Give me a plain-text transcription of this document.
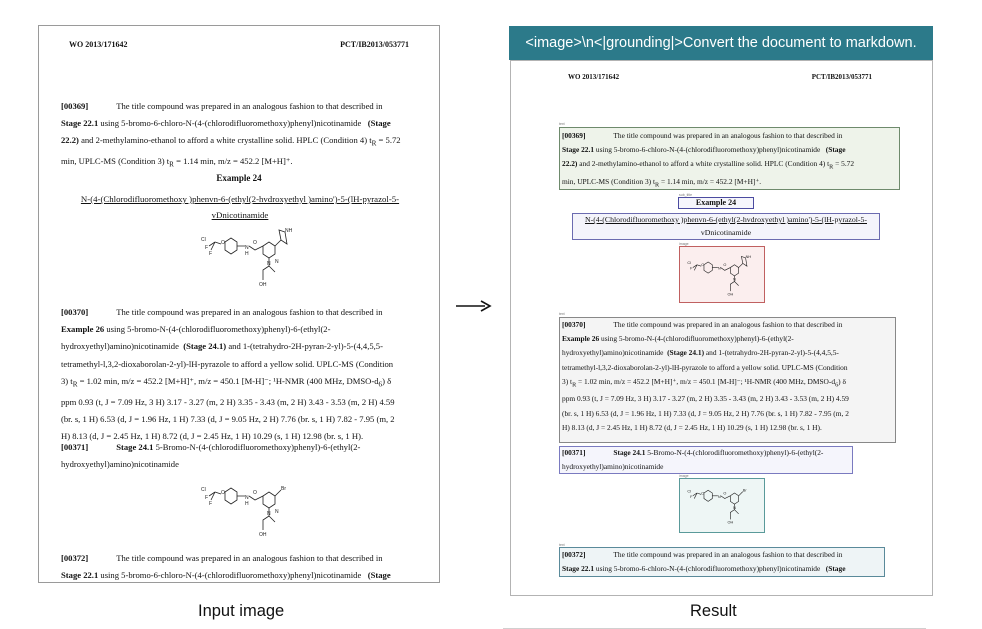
WO 2013/171642	PCT/IB2013/053771
[00369]	The title compound was prepared in an analogous fashion to that described in
Stage 22.1 using 5-bromo-6-chloro-N-(4-(chlorodifluoromethoxy)phenyl)nicotinamide (Stage
22.2) and 2-methylamino-ethanol to afford a white crystalline solid. HPLC (Condition 4) $t_R = 5.72$
min, UPLC-MS (Condition 3) $t_R = 1.14$ min, m/z = 452.2 [M+H]⁺.
Example 24
N-(4-(Chlorodifluoromethoxy )phenvn-6-(ethyl(2-hvdroxyethyl )amino')-5-(lH-pyrazol-5-
vDnicotinamide
Cl
F
F
O
N
H
O
N N
NH
OH
[00370]	The title compound was prepared in an analogous fashion to that described in
Example 26 using 5-bromo-N-(4-(chlorodifluoromethoxy)phenyl)-6-(ethyl(2-
hydroxyethyl)amino)nicotinamide (Stage 24.1) and 1-(tetrahydro-2H-pyran-2-yl)-5-(4,4,5,5-
tetramethyl-l,3,2-dioxaborolan-2-yl)-lH-pyrazole to afford a yellow solid. UPLC-MS (Condition
3) $t_R = 1.02$ min, m/z = 452.2 [M+H]⁺, m/z = 450.1 [M-H]⁻; ¹H-NMR (400 MHz, DMSO-$d_6$) δ
ppm 0.93 (t, J = 7.09 Hz, 3 H) 3.17 - 3.27 (m, 2 H) 3.35 - 3.43 (m, 2 H) 3.43 - 3.53 (m, 2 H) 4.59
(br. s, 1 H) 6.53 (d, J = 1.96 Hz, 1 H) 7.33 (d, J = 9.05 Hz, 2 H) 7.76 (br. s, 1 H) 7.82 - 7.95 (m, 2
H) 8.13 (d, J = 2.45 Hz, 1 H) 8.72 (d, J = 2.45 Hz, 1 H) 10.29 (s, 1 H) 12.98 (br. s, 1 H).
[00371]	Stage 24.1 5-Bromo-N-(4-(chlorodifluoromethoxy)phenyl)-6-(ethyl(2-
hydroxyethyl)amino)nicotinamide
Cl
F
F
O
N
H
O
Br
N N
OH
[00372]	The title compound was prepared in an analogous fashion to that described in
Stage 22.1 using 5-bromo-6-chloro-N-(4-(chlorodifluoromethoxy)phenyl)nicotinamide (Stage
<image>\n<|grounding|>Convert the document to markdown.
WO 2013/171642	PCT/IB2013/053771
text
[00369]	The title compound was prepared in an analogous fashion to that described in
Stage 22.1 using 5-bromo-6-chloro-N-(4-(chlorodifluoromethoxy)phenyl)nicotinamide (Stage
22.2) and 2-methylamino-ethanol to afford a white crystalline solid. HPLC (Condition 4) $t_R = 5.72$
min, UPLC-MS (Condition 3) $t_R = 1.14$ min, m/z = 452.2 [M+H]⁺.
sub_title
Example 24
N-(4-(Chlorodifluoromethoxy )phenvn-6-(ethyl(2-hvdroxyethyl )amino')-5-(lH-pyrazol-5-
vDnicotinamide
image
Cl
F
O
N
O
N
NH
OH
text
[00370]	The title compound was prepared in an analogous fashion to that described in
Example 26 using 5-bromo-N-(4-(chlorodifluoromethoxy)phenyl)-6-(ethyl(2-
hydroxyethyl)amino)nicotinamide (Stage 24.1) and 1-(tetrahydro-2H-pyran-2-yl)-5-(4,4,5,5-
tetramethyl-l,3,2-dioxaborolan-2-yl)-lH-pyrazole to afford a yellow solid. UPLC-MS (Condition
3) $t_R = 1.02$ min, m/z = 452.2 [M+H]⁺, m/z = 450.1 [M-H]⁻; ¹H-NMR (400 MHz, DMSO-$d_6$) δ
ppm 0.93 (t, J = 7.09 Hz, 3 H) 3.17 - 3.27 (m, 2 H) 3.35 - 3.43 (m, 2 H) 3.43 - 3.53 (m, 2 H) 4.59
(br. s, 1 H) 6.53 (d, J = 1.96 Hz, 1 H) 7.33 (d, J = 9.05 Hz, 2 H) 7.76 (br. s, 1 H) 7.82 - 7.95 (m, 2
H) 8.13 (d, J = 2.45 Hz, 1 H) 8.72 (d, J = 2.45 Hz, 1 H) 10.29 (s, 1 H) 12.98 (br. s, 1 H).
[00371]	Stage 24.1 5-Bromo-N-(4-(chlorodifluoromethoxy)phenyl)-6-(ethyl(2-
hydroxyethyl)amino)nicotinamide
image
Cl
F
O
N
O
Br
N
OH
text
[00372]	The title compound was prepared in an analogous fashion to that described in
Stage 22.1 using 5-bromo-6-chloro-N-(4-(chlorodifluoromethoxy)phenyl)nicotinamide (Stage
Input image	Result
